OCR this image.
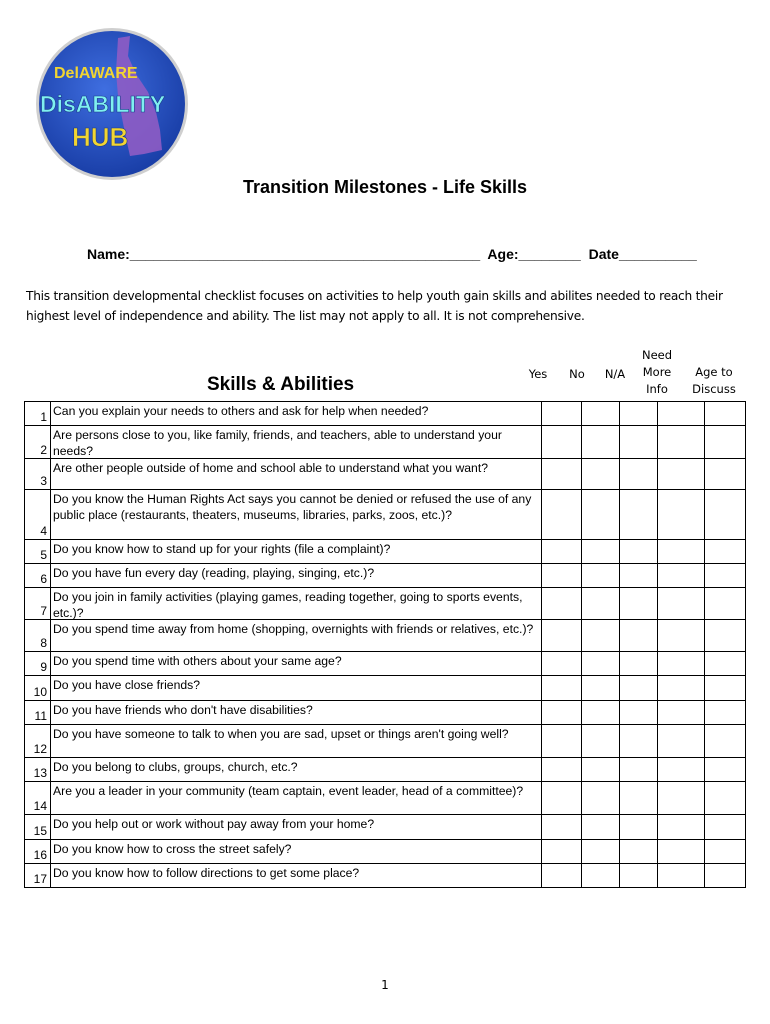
DelAWARE
DisABILITY
HUB
Transition Milestones - Life Skills
Name:_____________________________________________  Age:________  Date__________
This transition developmental checklist focuses on activities to help youth gain skills and abilites needed to reach their highest level of independence and ability. The list may not apply to all. It is not comprehensive.
Skills & Abilities	Yes	No	N/A
Need More Info
Age to Discuss
1 Can you explain your needs to others and ask for help when needed?
2
Are persons close to you, like family, friends, and teachers, able to understand your needs?
3
Are other people outside of home and school able to understand what you want?
4
Do you know the Human Rights Act says you cannot be denied or refused the use of any public place (restaurants, theaters, museums, libraries, parks, zoos, etc.)?
5 Do you know how to stand up for your rights (file a complaint)?
6 Do you have fun every day (reading, playing, singing, etc.)?
7
Do you join in family activities (playing games, reading together, going to sports events, etc.)?
8
Do you spend time away from home (shopping, overnights with friends or relatives, etc.)?
9 Do you spend time with others about your same age?
10 Do you have close friends?
11 Do you have friends who don't have disabilities?
12
Do you have someone to talk to when you are sad, upset or things aren't going well?
13 Do you belong to clubs, groups, church, etc.?
14
Are you a leader in your community (team captain, event leader, head of a committee)?
15 Do you help out or work without pay away from your home?
16 Do you know how to cross the street safely?
17 Do you know how to follow directions to get some place?
1
